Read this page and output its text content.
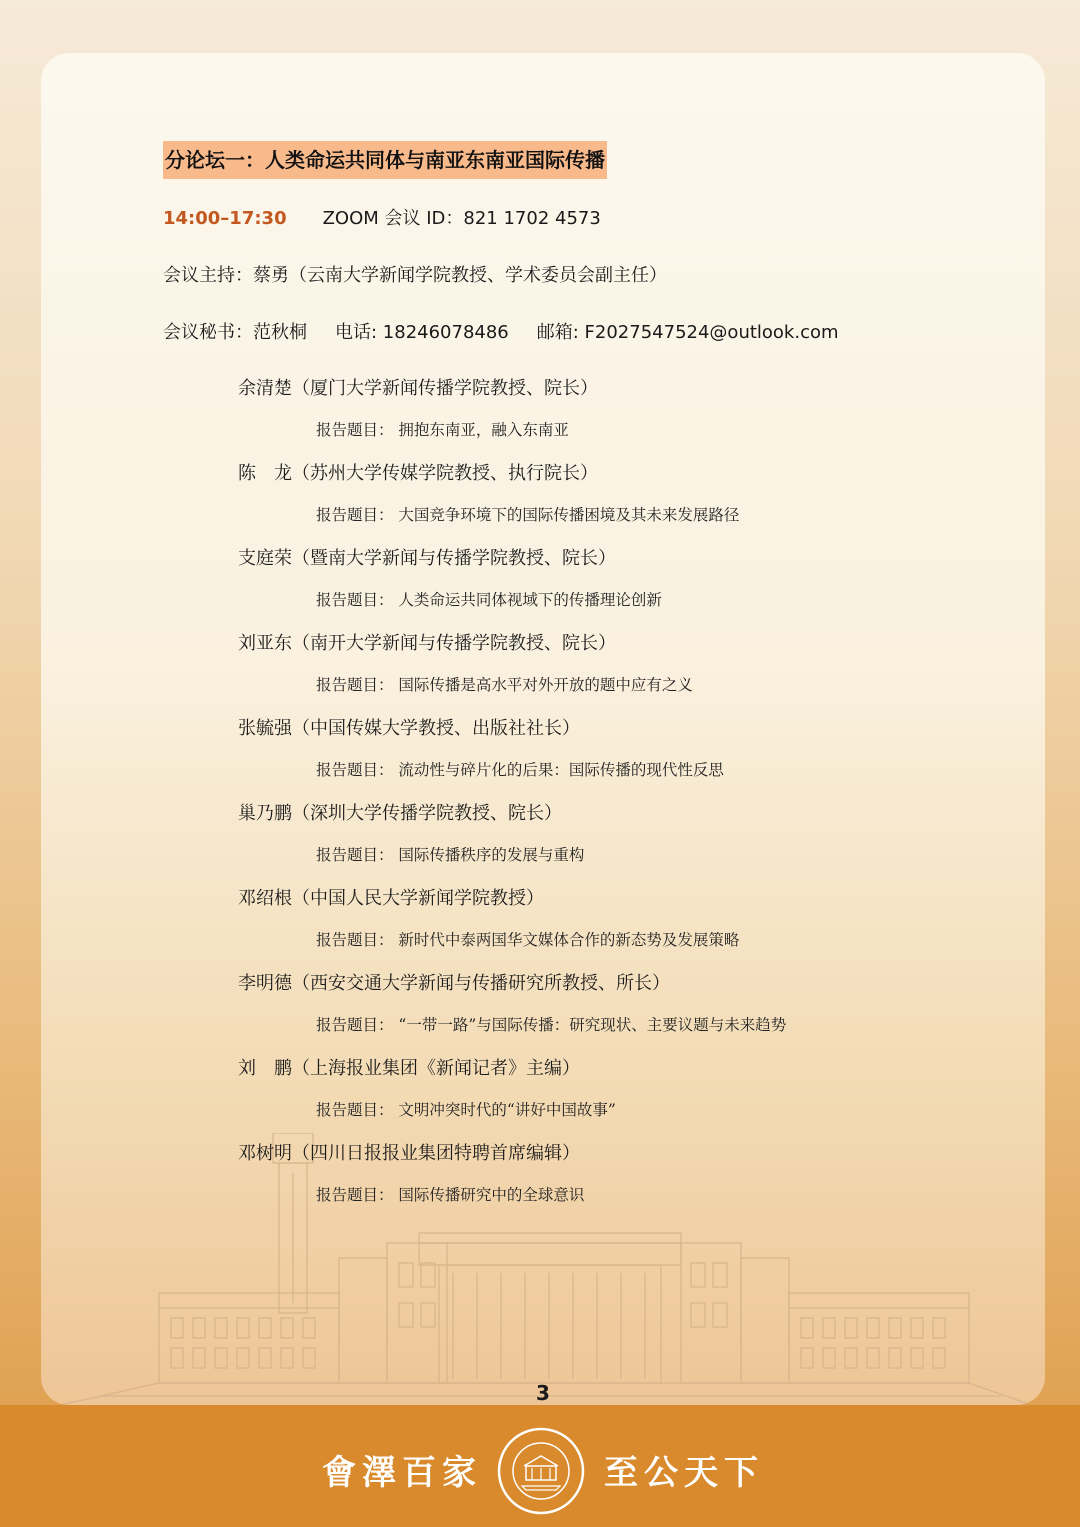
分论坛一：人类命运共同体与南亚东南亚国际传播
14:00–17:30 ZOOM 会议 ID：821 1702 4573
会议主持：蔡勇（云南大学新闻学院教授、学术委员会副主任）
会议秘书：范秋桐 电话: 18246078486 邮箱: F2027547524@outlook.com
余清楚（厦门大学新闻传播学院教授、院长）
报告题目： 拥抱东南亚，融入东南亚
陈　龙（苏州大学传媒学院教授、执行院长）
报告题目： 大国竞争环境下的国际传播困境及其未来发展路径
支庭荣（暨南大学新闻与传播学院教授、院长）
报告题目： 人类命运共同体视域下的传播理论创新
刘亚东（南开大学新闻与传播学院教授、院长）
报告题目： 国际传播是高水平对外开放的题中应有之义
张毓强（中国传媒大学教授、出版社社长）
报告题目： 流动性与碎片化的后果：国际传播的现代性反思
巢乃鹏（深圳大学传播学院教授、院长）
报告题目： 国际传播秩序的发展与重构
邓绍根（中国人民大学新闻学院教授）
报告题目： 新时代中泰两国华文媒体合作的新态势及发展策略
李明德（西安交通大学新闻与传播研究所教授、所长）
报告题目： “一带一路”与国际传播：研究现状、主要议题与未来趋势
刘　鹏（上海报业集团《新闻记者》主编）
报告题目： 文明冲突时代的“讲好中国故事”
邓树明（四川日报报业集团特聘首席编辑）
报告题目： 国际传播研究中的全球意识
3
會澤百家	至公天下
